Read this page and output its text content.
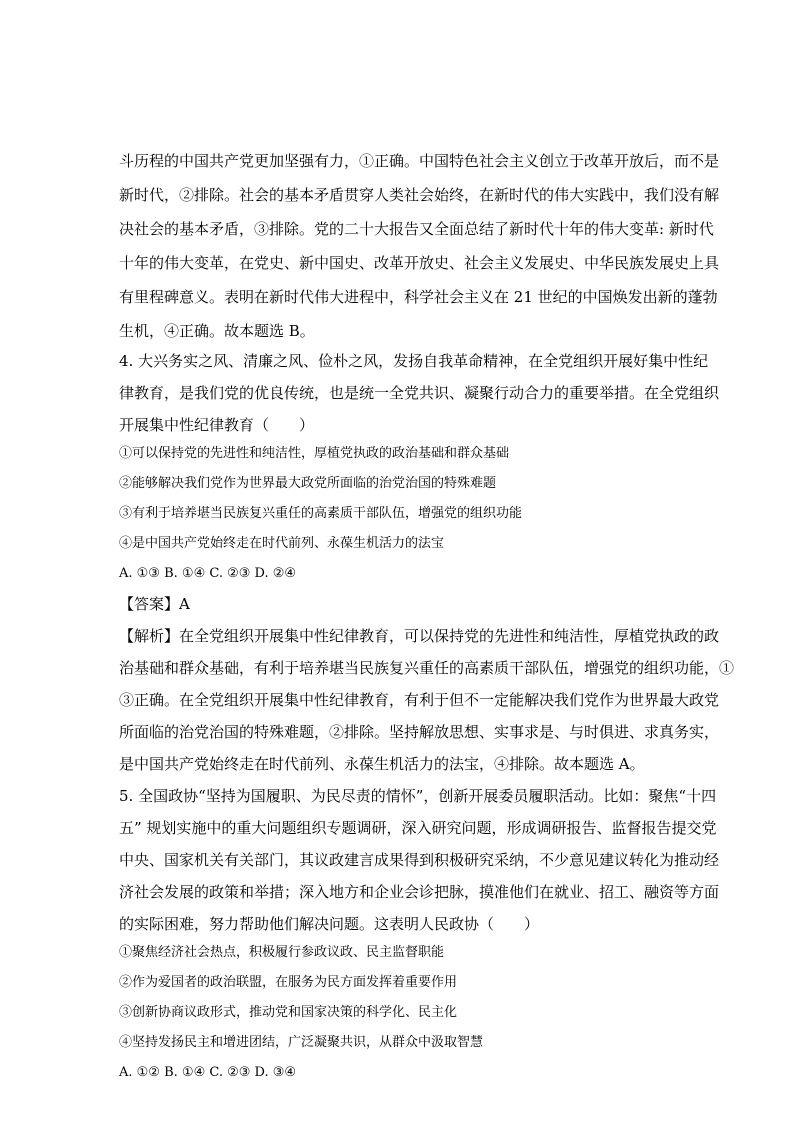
斗历程的中国共产党更加坚强有力，①正确。中国特色社会主义创立于改革开放后，而不是

新时代，②排除。社会的基本矛盾贯穿人类社会始终，在新时代的伟大实践中，我们没有解

决社会的基本矛盾，③排除。党的二十大报告又全面总结了新时代十年的伟大变革: 新时代

十年的伟大变革，在党史、新中国史、改革开放史、社会主义发展史、中华民族发展史上具

有里程碑意义。表明在新时代伟大进程中，科学社会主义在 21 世纪的中国焕发出新的蓬勃

生机，④正确。故本题选 B。

4. 大兴务实之风、清廉之风、俭朴之风，发扬自我革命精神，在全党组织开展好集中性纪

律教育，是我们党的优良传统，也是统一全党共识、凝聚行动合力的重要举措。在全党组织

开展集中性纪律教育（　　）

①可以保持党的先进性和纯洁性，厚植党执政的政治基础和群众基础

②能够解决我们党作为世界最大政党所面临的治党治国的特殊难题

③有利于培养堪当民族复兴重任的高素质干部队伍，增强党的组织功能

④是中国共产党始终走在时代前列、永葆生机活力的法宝

A. ①③ B. ①④ C. ②③ D. ②④

【答案】A

【解析】在全党组织开展集中性纪律教育，可以保持党的先进性和纯洁性，厚植党执政的政

治基础和群众基础，有利于培养堪当民族复兴重任的高素质干部队伍，增强党的组织功能，①

③正确。在全党组织开展集中性纪律教育，有利于但不一定能解决我们党作为世界最大政党

所面临的治党治国的特殊难题，②排除。坚持解放思想、实事求是、与时俱进、求真务实，

是中国共产党始终走在时代前列、永葆生机活力的法宝，④排除。故本题选 A。

5. 全国政协“坚持为国履职、为民尽责的情怀”，创新开展委员履职活动。比如：聚焦“十四

五” 规划实施中的重大问题组织专题调研，深入研究问题，形成调研报告、监督报告提交党

中央、国家机关有关部门，其议政建言成果得到积极研究采纳，不少意见建议转化为推动经

济社会发展的政策和举措；深入地方和企业会诊把脉，摸准他们在就业、招工、融资等方面

的实际困难，努力帮助他们解决问题。这表明人民政协（　　）

①聚焦经济社会热点，积极履行参政议政、民主监督职能

②作为爱国者的政治联盟，在服务为民方面发挥着重要作用

③创新协商议政形式，推动党和国家决策的科学化、民主化

④坚持发扬民主和增进团结，广泛凝聚共识，从群众中汲取智慧

A. ①② B. ①④ C. ②③ D. ③④
